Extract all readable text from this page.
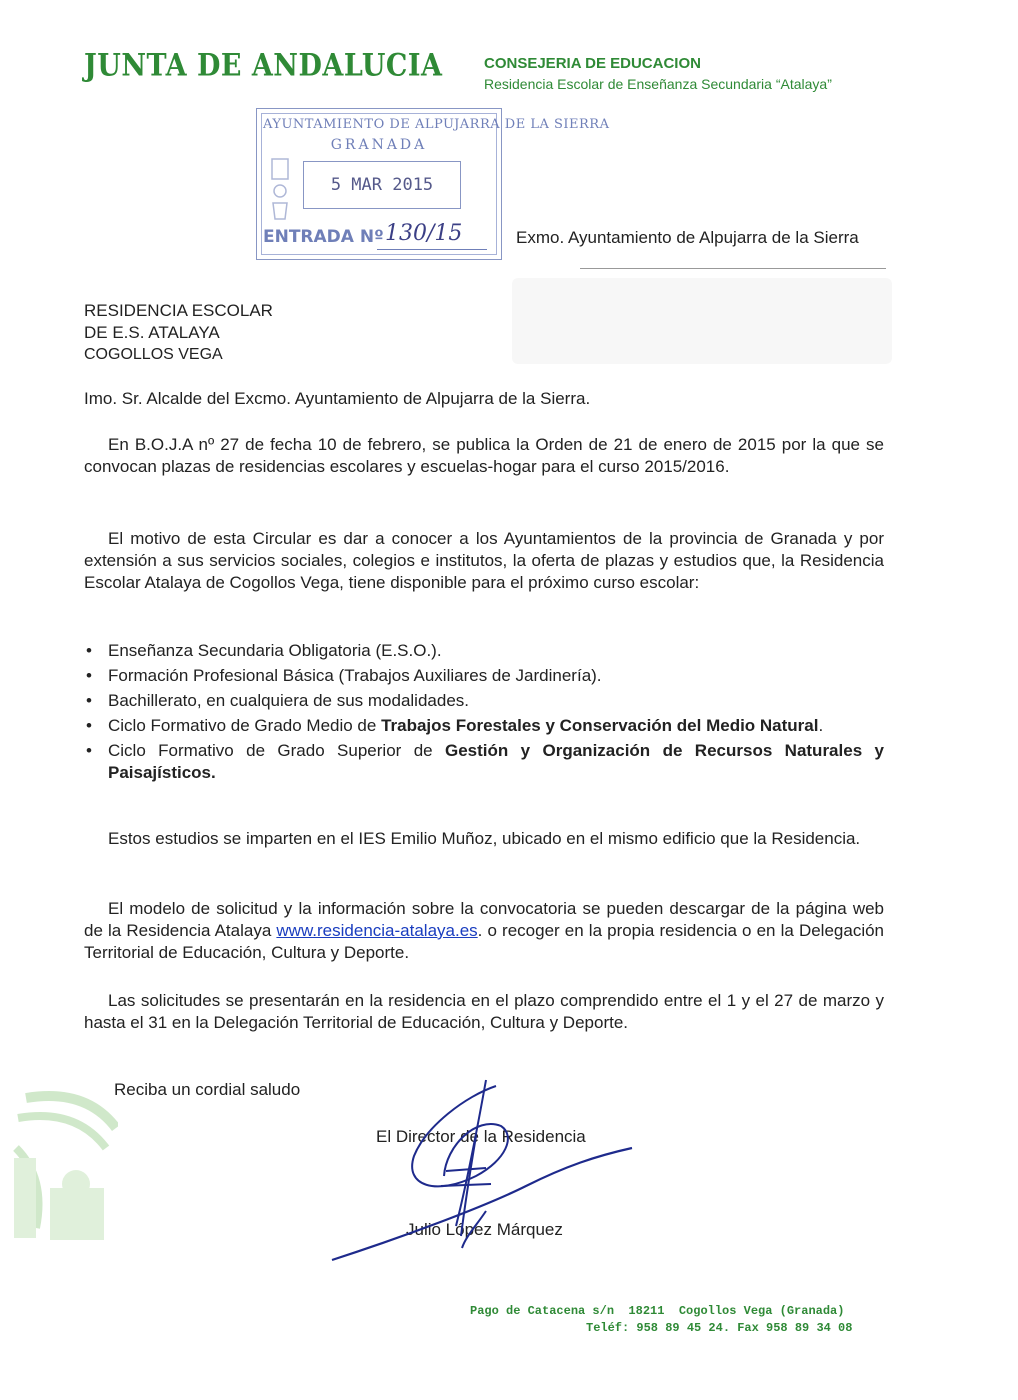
JUNTA DE ANDALUCIA	CONSEJERIA DE EDUCACION
Residencia Escolar de Enseñanza Secundaria “Atalaya”
AYUNTAMIENTO DE ALPUJARRA DE LA SIERRA
GRANADA
5 MAR 2015
ENTRADA Nº 130/15	Exmo. Ayuntamiento de Alpujarra de la Sierra
RESIDENCIA ESCOLAR
DE E.S. ATALAYA
COGOLLOS VEGA
Imo. Sr. Alcalde del Excmo. Ayuntamiento de Alpujarra de la Sierra.
En B.O.J.A nº 27 de fecha 10 de febrero, se publica la Orden de 21 de enero de 2015 por la que se convocan plazas de residencias escolares y escuelas-hogar para el curso 2015/2016.
El motivo de esta Circular es dar a conocer a los Ayuntamientos de la provincia de Granada y por extensión a sus servicios sociales, colegios e institutos, la oferta de plazas y estudios que, la Residencia Escolar Atalaya de Cogollos Vega, tiene disponible para el próximo curso escolar:
• Enseñanza Secundaria Obligatoria (E.S.O.).
• Formación Profesional Básica (Trabajos Auxiliares de Jardinería).
• Bachillerato, en cualquiera de sus modalidades.
• Ciclo Formativo de Grado Medio de Trabajos Forestales y Conservación del Medio Natural.
• Ciclo Formativo de Grado Superior de Gestión y Organización de Recursos Naturales y Paisajísticos.
Estos estudios se imparten en el IES Emilio Muñoz, ubicado en el mismo edificio que la Residencia.
El modelo de solicitud y la información sobre la convocatoria se pueden descargar de la página web de la Residencia Atalaya www.residencia-atalaya.es. o recoger en la propia residencia o en la Delegación Territorial de Educación, Cultura y Deporte.
Las solicitudes se presentarán en la residencia en el plazo comprendido entre el 1 y el 27 de marzo y hasta el 31 en la Delegación Territorial de Educación, Cultura y Deporte.
Reciba un cordial saludo
El Director de la Residencia
Julio López Márquez
Pago de Catacena s/n  18211  Cogollos Vega (Granada)
Teléf: 958 89 45 24. Fax 958 89 34 08
